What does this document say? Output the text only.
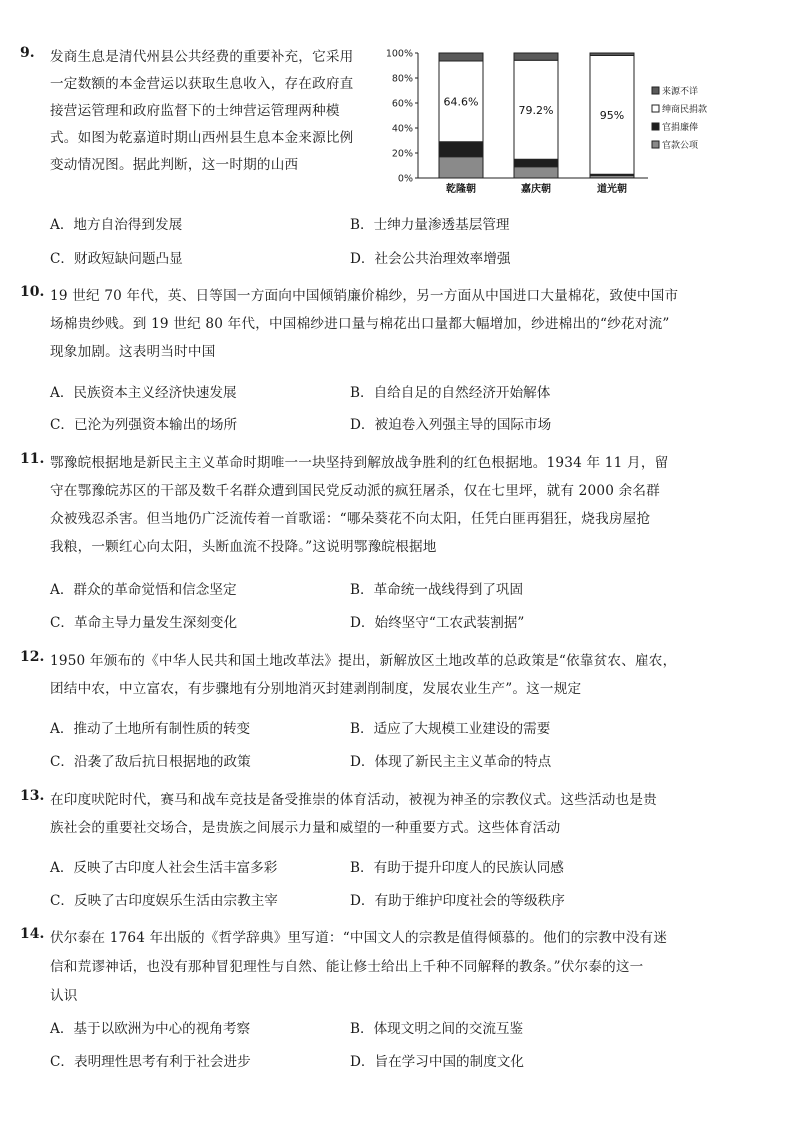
0%
20%
40%
60%
80%
100%
64.6%
79.2%	95%
乾隆朝	嘉庆朝	道光朝
来源不详
绅商民捐款
官捐廉俸
官款公项
9. 发商生息是清代州县公共经费的重要补充，它采用
一定数额的本金营运以获取生息收入，存在政府直
接营运管理和政府监督下的士绅营运管理两种模
式。如图为乾嘉道时期山西州县生息本金来源比例
变动情况图。据此判断，这一时期的山西
A．地方自治得到发展	B．士绅力量渗透基层管理
C．财政短缺问题凸显	D．社会公共治理效率增强
10. 19 世纪 70 年代，英、日等国一方面向中国倾销廉价棉纱，另一方面从中国进口大量棉花，致使中国市
场棉贵纱贱。到 19 世纪 80 年代，中国棉纱进口量与棉花出口量都大幅增加，纱进棉出的“纱花对流”
现象加剧。这表明当时中国
A．民族资本主义经济快速发展	B．自给自足的自然经济开始解体
C．已沦为列强资本输出的场所	D．被迫卷入列强主导的国际市场
11. 鄂豫皖根据地是新民主主义革命时期唯一一块坚持到解放战争胜利的红色根据地。1934 年 11 月，留
守在鄂豫皖苏区的干部及数千名群众遭到国民党反动派的疯狂屠杀，仅在七里坪，就有 2000 余名群
众被残忍杀害。但当地仍广泛流传着一首歌谣：“哪朵葵花不向太阳，任凭白匪再猖狂，烧我房屋抢
我粮，一颗红心向太阳，头断血流不投降。”这说明鄂豫皖根据地
A．群众的革命觉悟和信念坚定	B．革命统一战线得到了巩固
C．革命主导力量发生深刻变化	D．始终坚守“工农武装割据”
12. 1950 年颁布的《中华人民共和国土地改革法》提出，新解放区土地改革的总政策是“依靠贫农、雇农，
团结中农，中立富农，有步骤地有分别地消灭封建剥削制度，发展农业生产”。这一规定
A．推动了土地所有制性质的转变	B．适应了大规模工业建设的需要
C．沿袭了敌后抗日根据地的政策	D．体现了新民主主义革命的特点
13. 在印度吠陀时代，赛马和战车竞技是备受推崇的体育活动，被视为神圣的宗教仪式。这些活动也是贵
族社会的重要社交场合，是贵族之间展示力量和威望的一种重要方式。这些体育活动
A．反映了古印度人社会生活丰富多彩	B．有助于提升印度人的民族认同感
C．反映了古印度娱乐生活由宗教主宰	D．有助于维护印度社会的等级秩序
14. 伏尔泰在 1764 年出版的《哲学辞典》里写道：“中国文人的宗教是值得倾慕的。他们的宗教中没有迷
信和荒谬神话，也没有那种冒犯理性与自然、能让修士给出上千种不同解释的教条。”伏尔泰的这一
认识
A．基于以欧洲为中心的视角考察	B．体现文明之间的交流互鉴
C．表明理性思考有利于社会进步	D．旨在学习中国的制度文化
